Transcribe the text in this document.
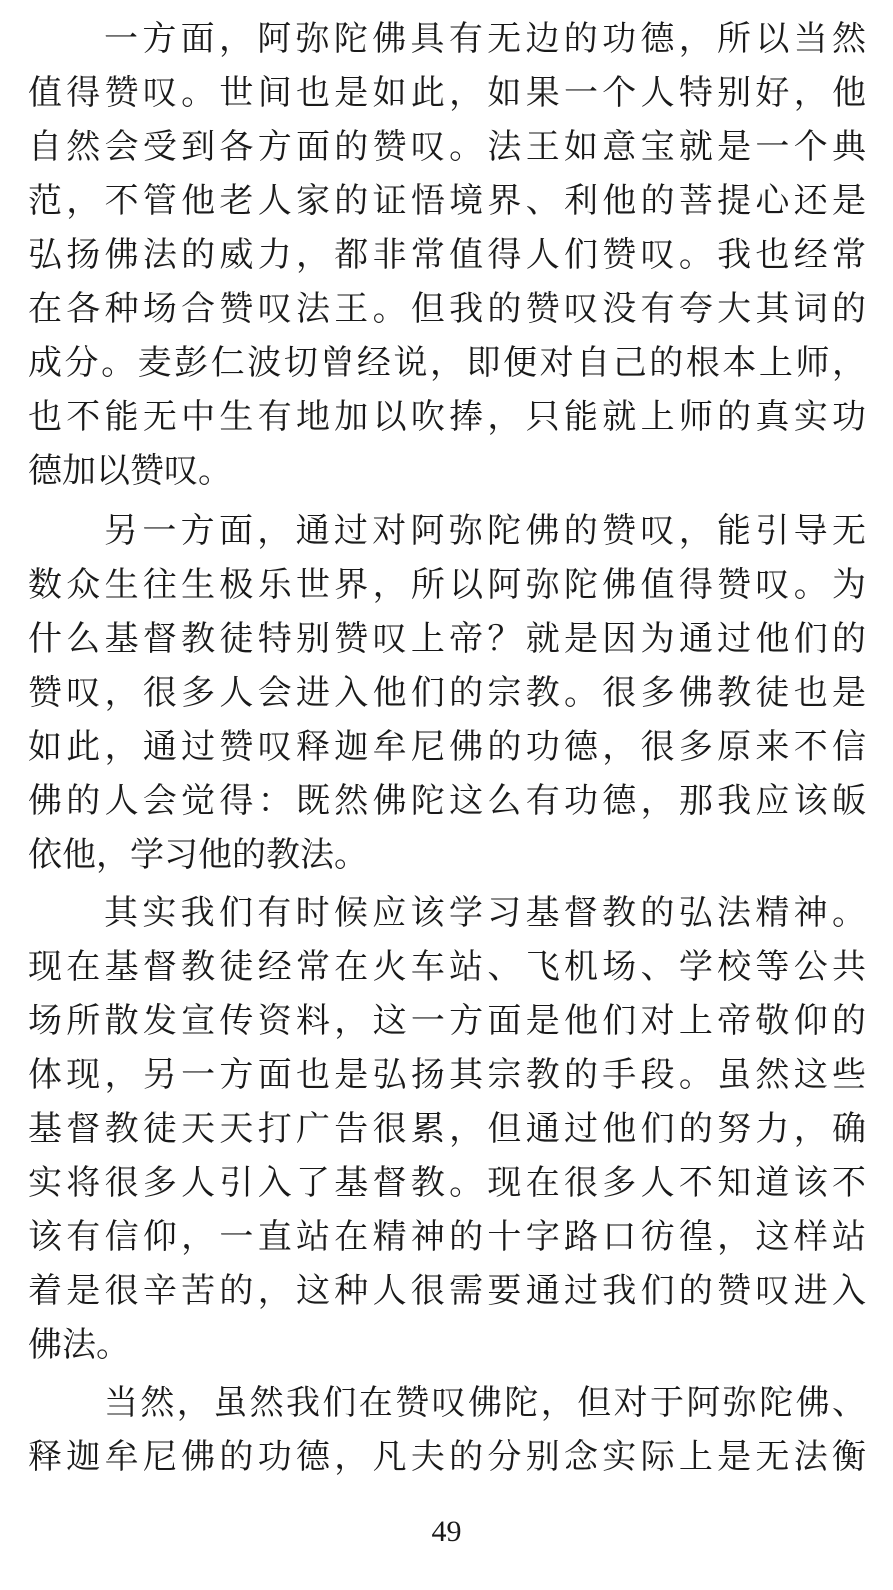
一方面，阿弥陀佛具有无边的功德，所以当然
值得赞叹。世间也是如此，如果一个人特别好，他
自然会受到各方面的赞叹。法王如意宝就是一个典
范，不管他老人家的证悟境界、利他的菩提心还是
弘扬佛法的威力，都非常值得人们赞叹。我也经常
在各种场合赞叹法王。但我的赞叹没有夸大其词的
成分。麦彭仁波切曾经说，即便对自己的根本上师，
也不能无中生有地加以吹捧，只能就上师的真实功
德加以赞叹。
另一方面，通过对阿弥陀佛的赞叹，能引导无
数众生往生极乐世界，所以阿弥陀佛值得赞叹。为
什么基督教徒特别赞叹上帝？就是因为通过他们的
赞叹，很多人会进入他们的宗教。很多佛教徒也是
如此，通过赞叹释迦牟尼佛的功德，很多原来不信
佛的人会觉得：既然佛陀这么有功德，那我应该皈
依他，学习他的教法。
其实我们有时候应该学习基督教的弘法精神。
现在基督教徒经常在火车站、飞机场、学校等公共
场所散发宣传资料，这一方面是他们对上帝敬仰的
体现，另一方面也是弘扬其宗教的手段。虽然这些
基督教徒天天打广告很累，但通过他们的努力，确
实将很多人引入了基督教。现在很多人不知道该不
该有信仰，一直站在精神的十字路口彷徨，这样站
着是很辛苦的，这种人很需要通过我们的赞叹进入
佛法。
当然，虽然我们在赞叹佛陀，但对于阿弥陀佛、
释迦牟尼佛的功德，凡夫的分别念实际上是无法衡
49
